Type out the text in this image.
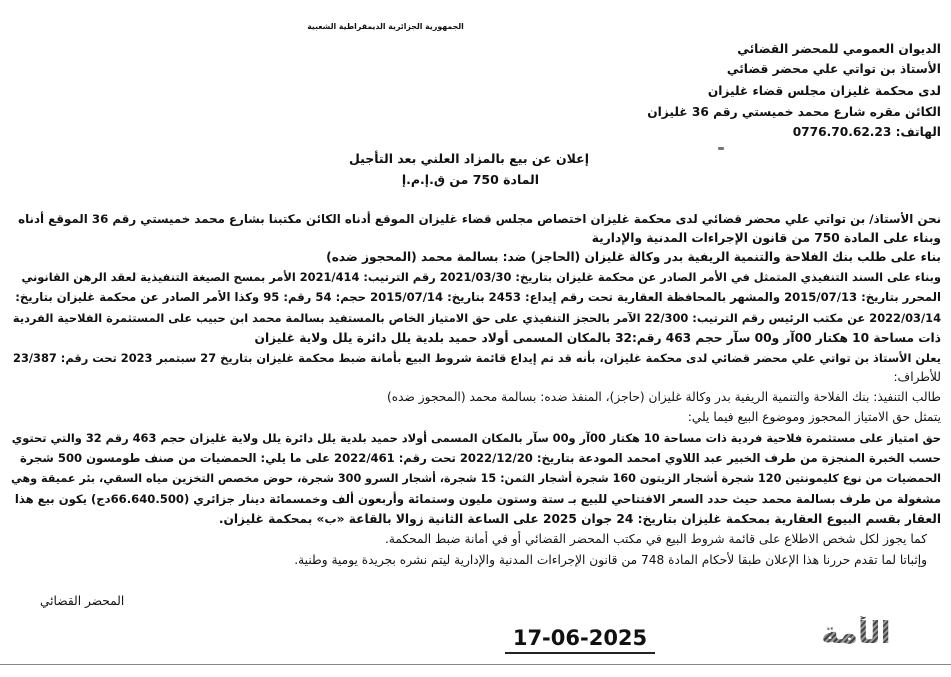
الجمهورية الجزائرية الديمقراطية الشعبية
الديوان العمومي للمحضر القضائي
الأستاذ بن تواتي علي محضر قضائي
لدى محكمة غليزان مجلس قضاء غليزان
الكائن مقره شارع محمد خميستي رقم 36 غليزان
الهاتف: 0776.70.62.23
إعلان عن بيع بالمزاد العلني بعد التأجيل
المادة 750 من ق.إ.م.إ
نحن الأستاذ/ بن تواتي علي محضر قضائي لدى محكمة غليزان اختصاص مجلس قضاء غليزان الموقع أدناه الكائن مكتبنا بشارع محمد خميستي رقم 36 الموقع أدناه
وبناء على المادة 750 من قانون الإجراءات المدنية والإدارية
بناء على طلب بنك الفلاحة والتنمية الريفية بدر وكالة غليزان (الحاجز) ضد: بسالمة محمد (المحجوز ضده)
وبناء على السند التنفيذي المتمثل في الأمر الصادر عن محكمة غليزان بتاريخ: 2021/03/30 رقم الترتيب: 2021/414 الأمر بمسح الصيغة التنفيذية لعقد الرهن القانوني
المحرر بتاريخ: 2015/07/13 والمشهر بالمحافظة العقارية تحت رقم إيداع: 2453 بتاريخ: 2015/07/14 حجم: 54 رقم: 95 وكذا الأمر الصادر عن محكمة غليزان بتاريخ:
2022/03/14 عن مكتب الرئيس رقم الترتيب: 22/300 الآمر بالحجز التنفيذي على حق الامتياز الخاص بالمستفيد بسالمة محمد ابن حبيب على المستثمرة الفلاحية الفردية
ذات مساحة 10 هكتار 00آر و00 سآر حجم 463 رقم:32 بالمكان المسمى أولاد حميد بلدية يلل دائرة يلل ولاية غليزان
يعلن الأستاذ بن تواتي علي محضر قضائي لدى محكمة غليزان، بأنه قد تم إيداع قائمة شروط البيع بأمانة ضبط محكمة غليزان بتاريخ 27 سبتمبر 2023 تحت رقم: 23/387
للأطراف:
طالب التنفيذ: بنك الفلاحة والتنمية الريفية بدر وكالة غليزان (حاجز)، المنفذ ضده: بسالمة محمد (المحجوز ضده)
يتمثل حق الامتياز المحجوز وموضوع البيع فيما يلي:
حق امتياز على مستثمرة فلاحية فردية ذات مساحة 10 هكتار 00آر و00 سآر بالمكان المسمى أولاد حميد بلدية يلل دائرة يلل ولاية غليزان حجم 463 رقم 32 والتي تحتوي
حسب الخبرة المنجزة من طرف الخبير عبد اللاوي امحمد المودعة بتاريخ: 2022/12/20 تحت رقم: 2022/461 على ما يلي: الحمضيات من صنف طومسون 500 شجرة
الحمضيات من نوع كليمونتين 120 شجرة أشجار الزيتون 160 شجرة أشجار الثمن: 15 شجرة، أشجار السرو 300 شجرة، حوض مخصص التخزين مياه السقي، بئر عميقة وهي
مشغولة من طرف بسالمة محمد حيث حدد السعر الافتتاحي للبيع بـ ستة وستون مليون وستمائة وأربعون ألف وخمسمائة دينار جزائري (66.640.500دج) يكون بيع هذا
العقار بقسم البيوع العقارية بمحكمة غليزان بتاريخ: 24 جوان 2025 على الساعة الثانية زوالا بالقاعة «ب» بمحكمة غليزان.
كما يجوز لكل شخص الاطلاع على قائمة شروط البيع في مكتب المحضر القضائي أو في أمانة ضبط المحكمة.
وإثباتا لما تقدم حررنا هذا الإعلان طبقا لأحكام المادة 748 من قانون الإجراءات المدنية والإدارية ليتم نشره بجريدة يومية وطنية.
المحضر القضائي
الأمة
17-06-2025
